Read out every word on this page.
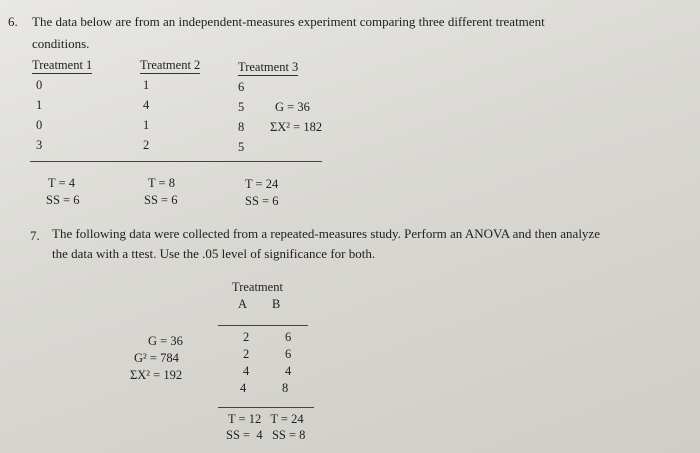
6. The data below are from an independent-measures experiment comparing three different treatment
conditions.
Treatment 1	Treatment 2	Treatment 3
0
1
0
3
1
4
1
2
6
5
8
5
G = 36
ΣX² = 182
T = 4
SS = 6
T = 8
SS = 6
T = 24
SS = 6
7. The following data were collected from a repeated-measures study. Perform an ANOVA and then analyze
the data with a ttest. Use the .05 level of significance for both.
Treatment
A B
2
2
4
4
6
6
4
8
G = 36
G² = 784
ΣX² = 192
T = 12   T = 24
SS =  4   SS = 8
